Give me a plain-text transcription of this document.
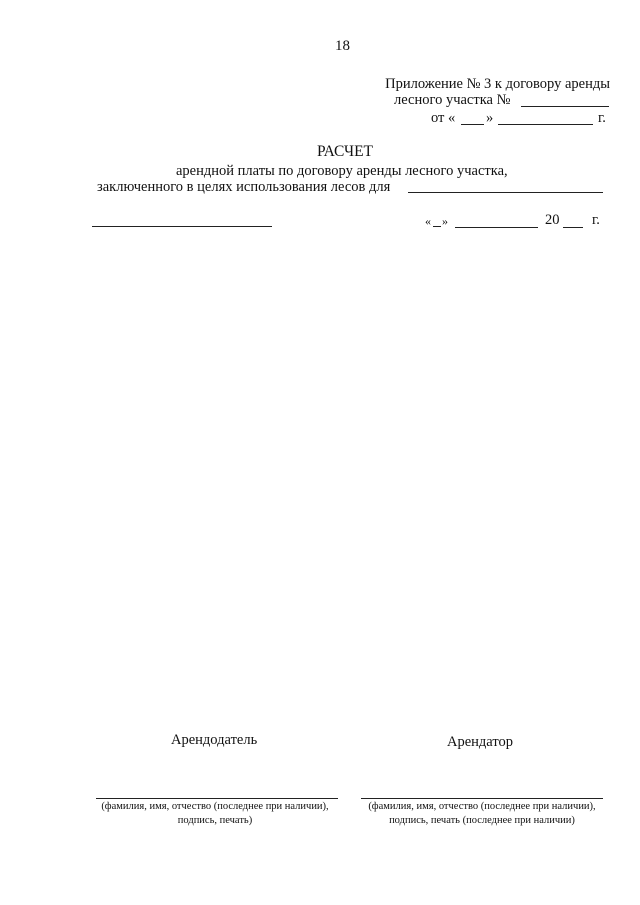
18
Приложение № 3 к договору аренды
лесного участка №
от « »	г.
РАСЧЕТ
арендной платы по договору аренды лесного участка,
заключенного в целях использования лесов для
« »	20 г.
Арендодатель	Арендатор
(фамилия, имя, отчество (последнее при наличии),
подпись, печать)
(фамилия, имя, отчество (последнее при наличии),
подпись, печать (последнее при наличии)
